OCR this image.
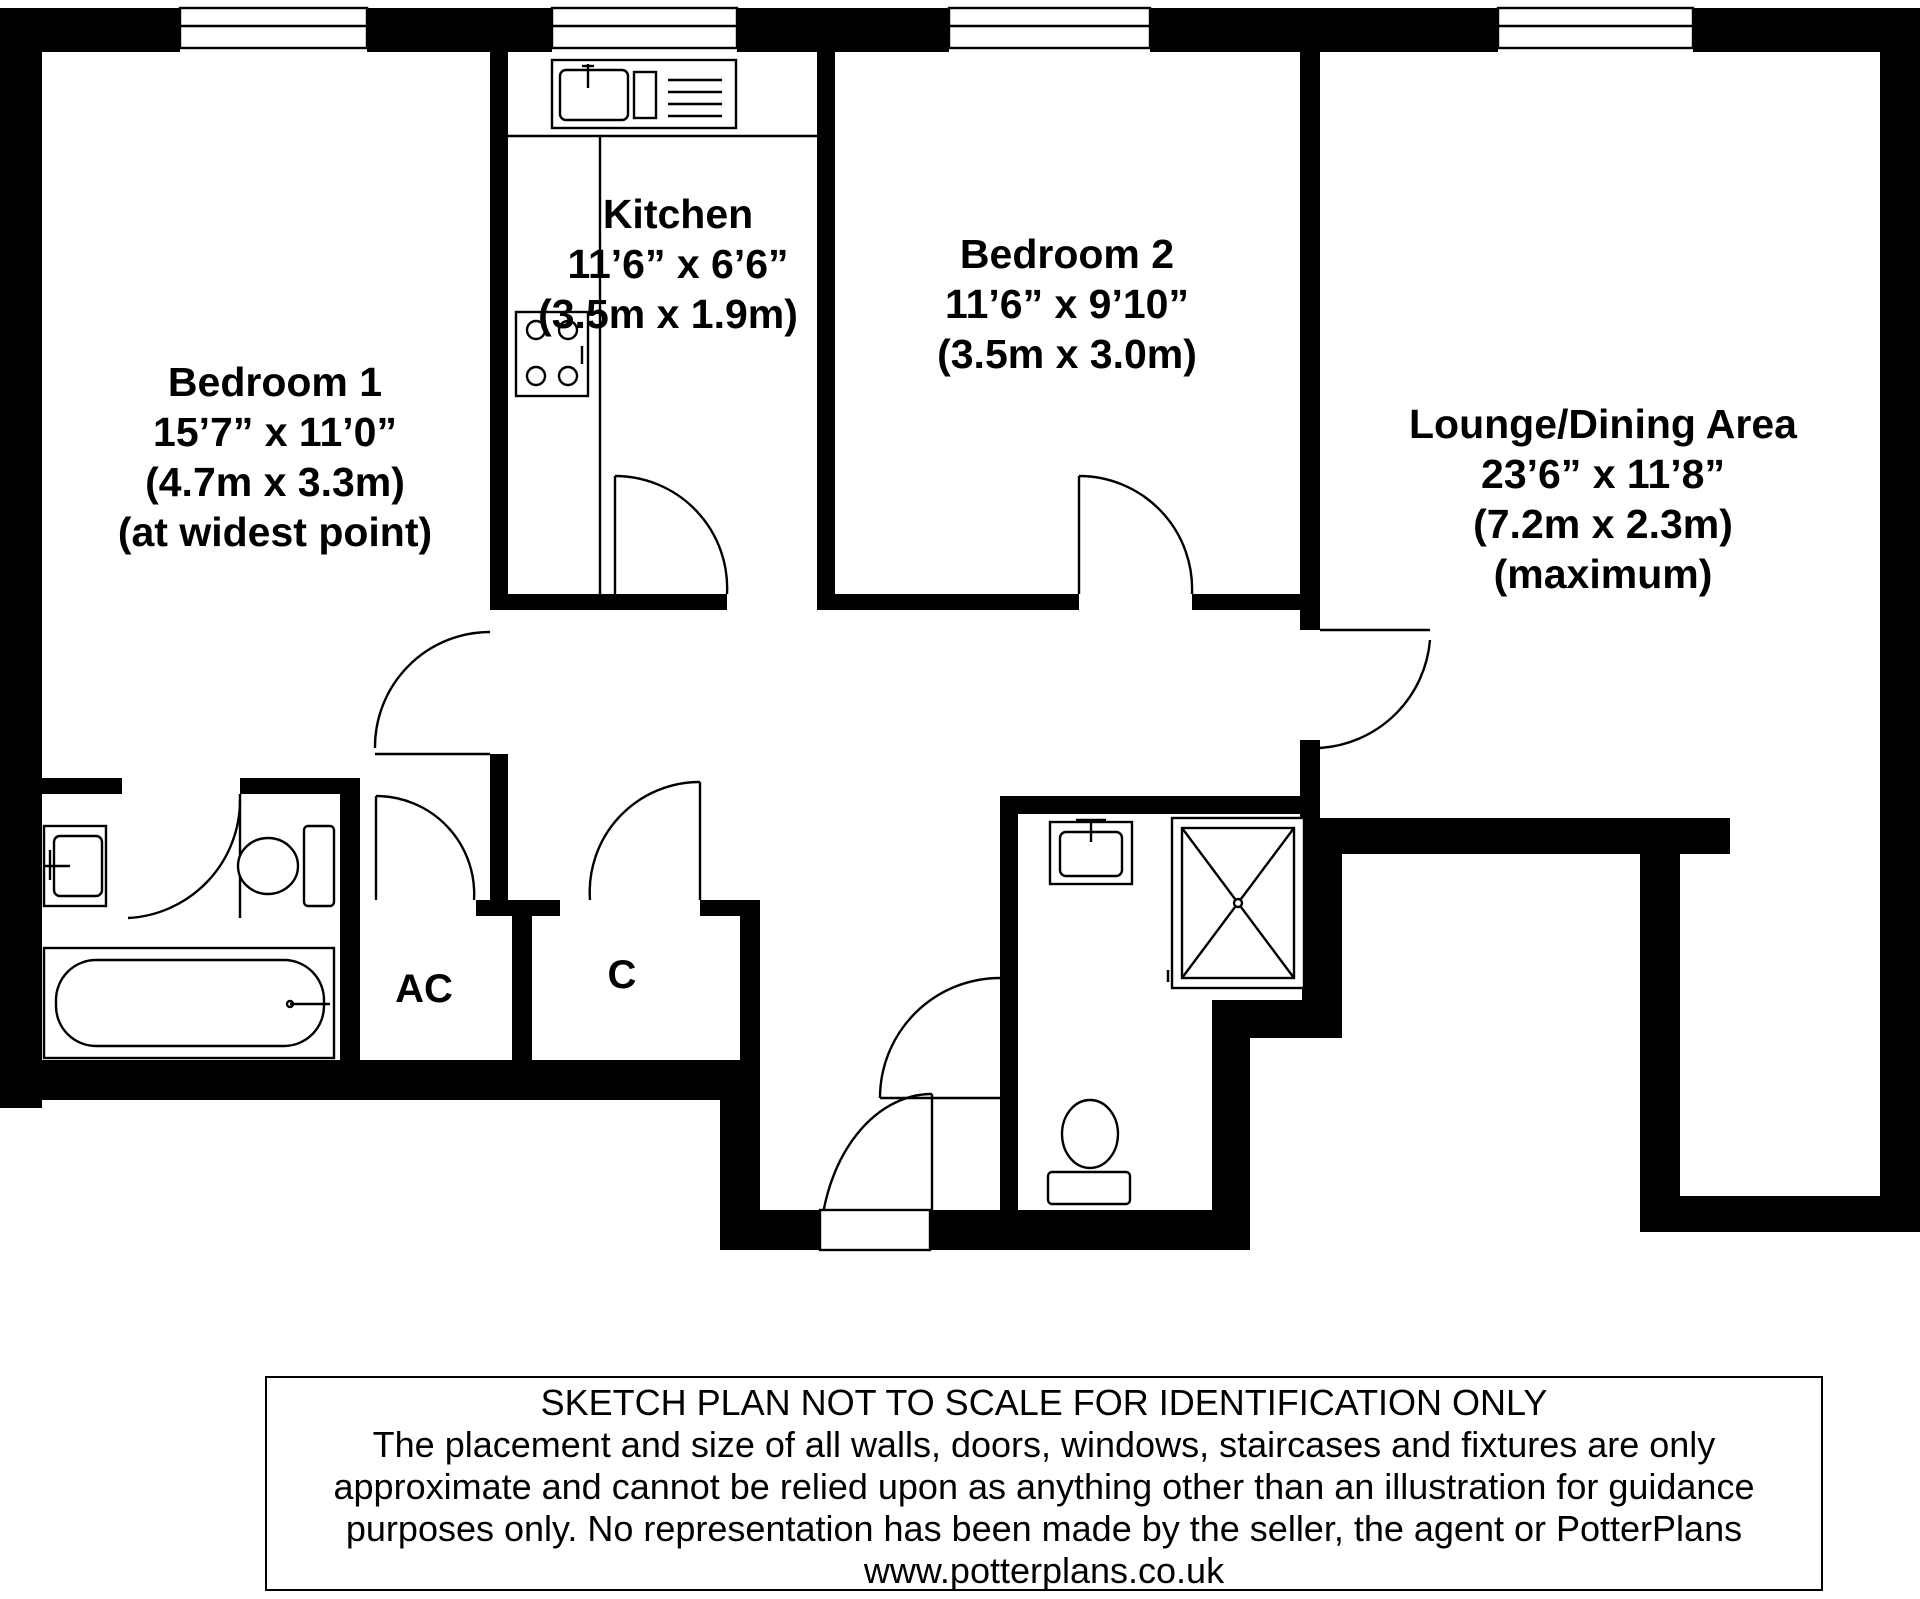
Bedroom 1
15’7” x 11’0”
(4.7m x 3.3m)
(at widest point)
Kitchen
11’6” x 6’6”
(3.5m x 1.9m)
Bedroom 2
11’6” x 9’10”
(3.5m x 3.0m)
Lounge/Dining Area
23’6” x 11’8”
(7.2m x 2.3m)
(maximum)
AC	C
SKETCH PLAN NOT TO SCALE FOR IDENTIFICATION ONLY
The placement and size of all walls, doors, windows, staircases and fixtures are only
approximate and cannot be relied upon as anything other than an illustration for guidance
purposes only. No representation has been made by the seller, the agent or PotterPlans
www.potterplans.co.uk
